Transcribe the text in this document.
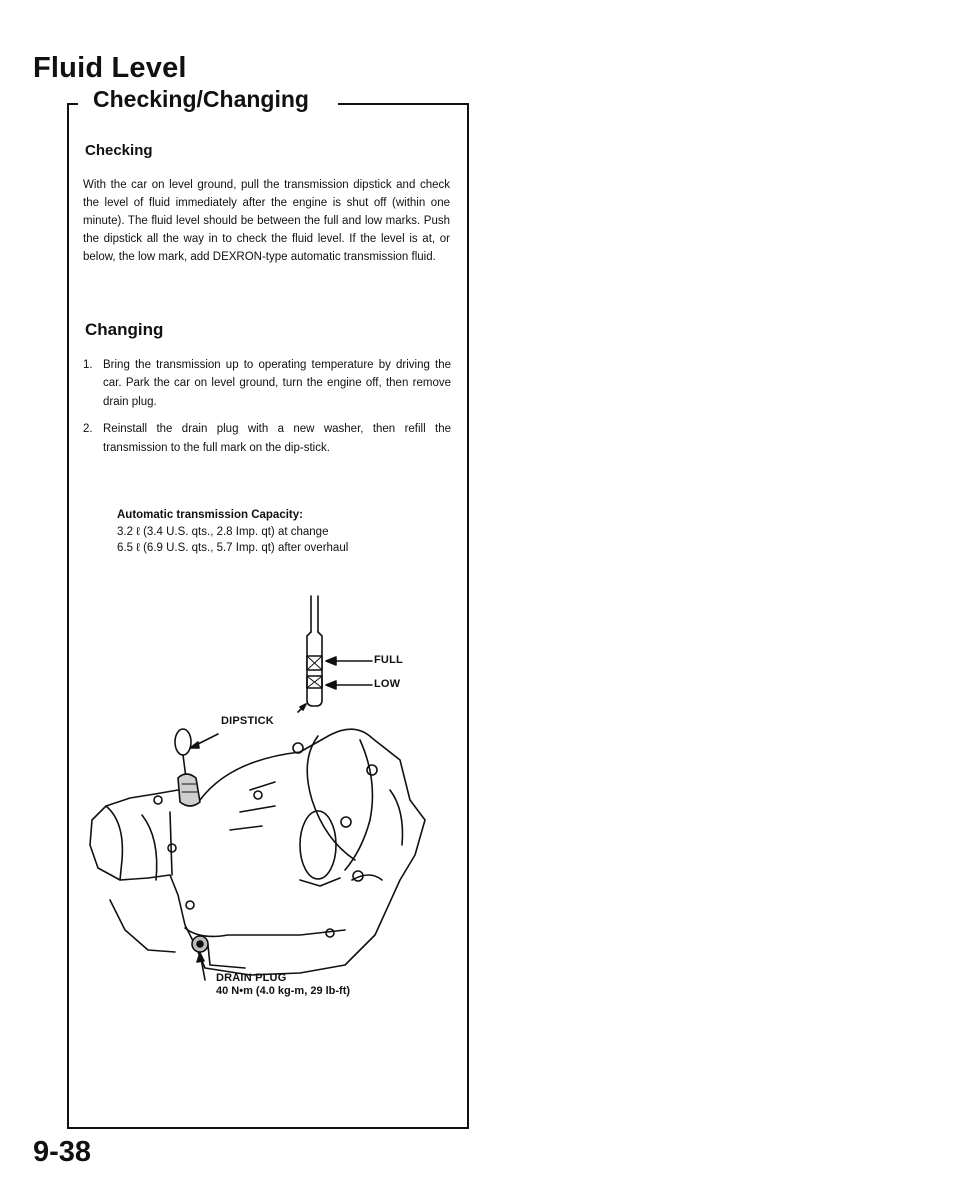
Fluid Level
Checking/Changing
Checking

With the car on level ground, pull the transmission dipstick and check the level of fluid immediately after the engine is shut off (within one minute). The fluid level should be between the full and low marks. Push the dipstick all the way in to check the fluid level. If the level is at, or below, the low mark, add DEXRON-type automatic transmission fluid.

Changing
1. Bring the transmission up to operating temperature by driving the car. Park the car on level ground, turn the engine off, then remove drain plug.
2. Reinstall the drain plug with a new washer, then refill the transmission to the full mark on the dip-stick.
Automatic transmission Capacity:
3.2 ℓ (3.4 U.S. qts., 2.8 Imp. qt) at change
6.5 ℓ (6.9 U.S. qts., 5.7 Imp. qt) after overhaul
FULL
LOW
DIPSTICK
DRAIN PLUG
40 N•m (4.0 kg-m, 29 lb-ft)
9-38
